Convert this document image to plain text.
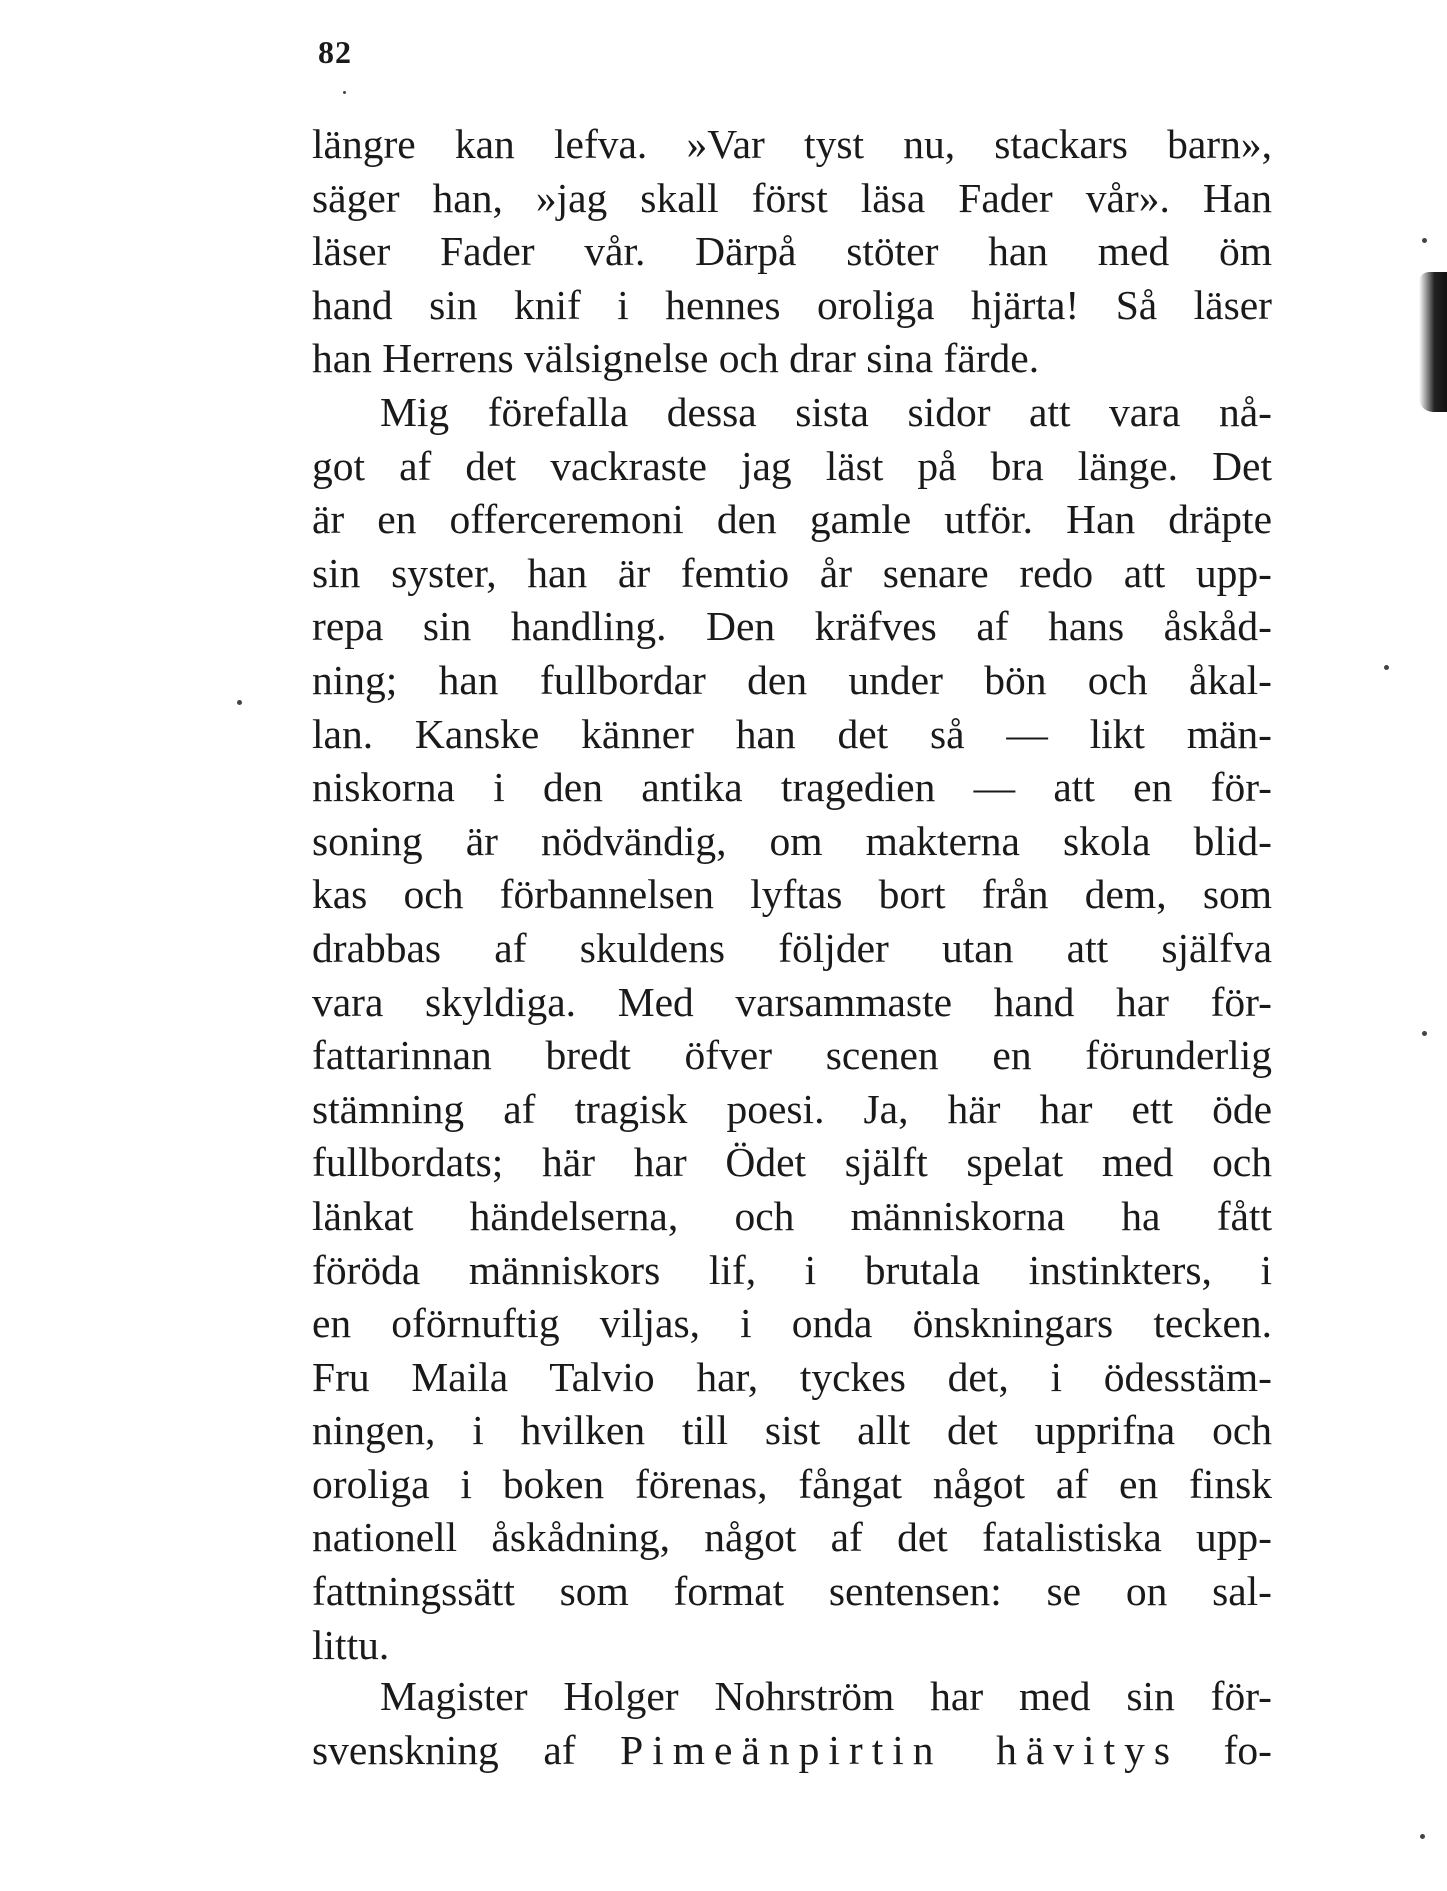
82
längre kan lefva. »Var tyst nu, stackars barn»,
säger han, »jag skall först läsa Fader vår». Han
läser Fader vår. Därpå stöter han med öm
hand sin knif i hennes oroliga hjärta! Så läser
han Herrens välsignelse och drar sina färde.
Mig förefalla dessa sista sidor att vara nå-
got af det vackraste jag läst på bra länge. Det
är en offerceremoni den gamle utför. Han dräpte
sin syster, han är femtio år senare redo att upp-
repa sin handling. Den kräfves af hans åskåd-
ning; han fullbordar den under bön och åkal-
lan. Kanske känner han det så — likt män-
niskorna i den antika tragedien — att en för-
soning är nödvändig, om makterna skola blid-
kas och förbannelsen lyftas bort från dem, som
drabbas af skuldens följder utan att själfva
vara skyldiga. Med varsammaste hand har för-
fattarinnan bredt öfver scenen en förunderlig
stämning af tragisk poesi. Ja, här har ett öde
fullbordats; här har Ödet själft spelat med och
länkat händelserna, och människorna ha fått
föröda människors lif, i brutala instinkters, i
en oförnuftig viljas, i onda önskningars tecken.
Fru Maila Talvio har, tyckes det, i ödesstäm-
ningen, i hvilken till sist allt det upprifna och
oroliga i boken förenas, fångat något af en finsk
nationell åskådning, något af det fatalistiska upp-
fattningssätt som format sentensen: se on sal-
littu.
Magister Holger Nohrström har med sin för-
svenskning af Pimeänpirtin hävitys fo-
